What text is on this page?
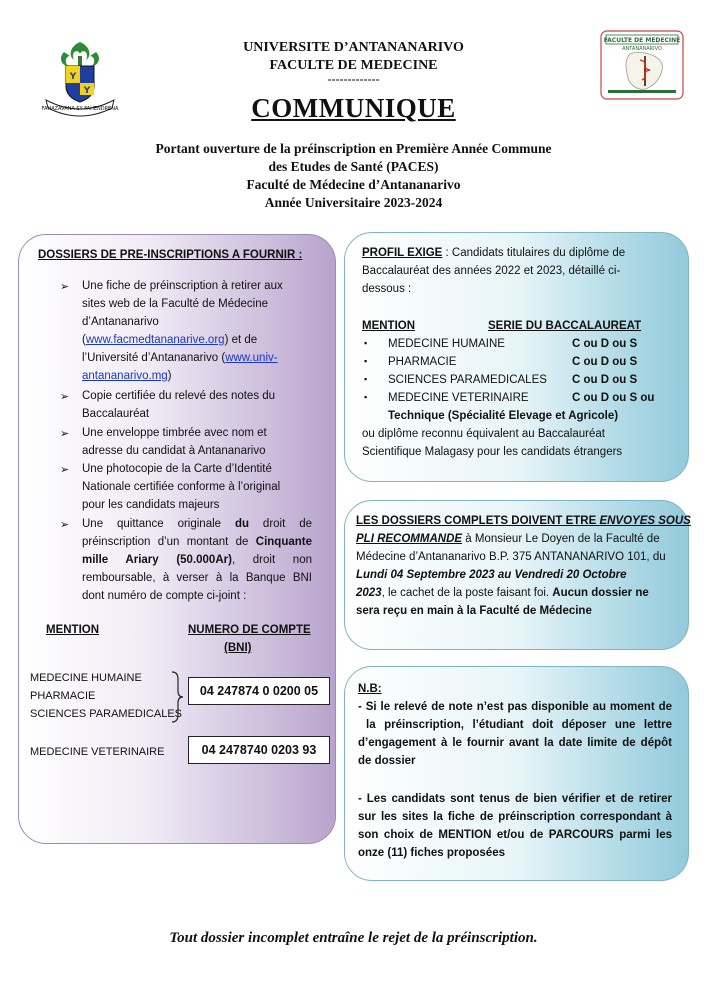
UNIVERSITE D’ANTANANARIVO
FACULTE DE MEDECINE
-------------
COMMUNIQUE
Portant ouverture de la préinscription en Première Année Commune
des Etudes de Santé (PACES)
Faculté de Médecine d’Antananarivo
Année Universitaire 2023-2024
Y
Y
FAHAZAVANA SY FAHENDRENA
FACULTE DE MEDECINE
ANTANANARIVO
DOSSIERS DE PRE-INSCRIPTIONS A FOURNIR :
➢ Une fiche de préinscription à retirer aux
sites web de la Faculté de Médecine
d’Antananarivo
(www.facmedtananarive.org) et de
l’Université d’Antananarivo (www.univ-
antananarivo.mg)
➢ Copie certifiée du relevé des notes du
Baccalauréat
➢ Une enveloppe timbrée avec nom et
adresse du candidat à Antananarivo
➢ Une photocopie de la Carte d’Identité
Nationale certifiée conforme à l’original
pour les candidats majeurs
➢ Une quittance originale du droit de
préinscription d’un montant de Cinquante
mille Ariary (50.000Ar), droit non
remboursable, à verser à la Banque BNI
dont numéro de compte ci-joint :
MENTION	NUMERO DE COMPTE
(BNI)
MEDECINE HUMAINE
PHARMACIE
SCIENCES PARAMEDICALES
04 247874 0 0200 05
MEDECINE VETERINAIRE	04 2478740 0203 93
PROFIL EXIGE : Candidats titulaires du diplôme de
Baccalauréat des années 2022 et 2023, détaillé ci-
dessous :
MENTION	SERIE DU BACCALAUREAT
▪ MEDECINE HUMAINE	C ou D ou S
▪ PHARMACIE	C ou D ou S
▪ SCIENCES PARAMEDICALES C ou D ou S
▪ MEDECINE VETERINAIRE	C ou D ou S ou
Technique (Spécialité Elevage et Agricole)
ou diplôme reconnu équivalent au Baccalauréat
Scientifique Malagasy pour les candidats étrangers
LES DOSSIERS COMPLETS DOIVENT ETRE ENVOYES SOUS
PLI RECOMMANDE à Monsieur Le Doyen de la Faculté de
Médecine d’Antananarivo B.P. 375 ANTANANARIVO 101, du
Lundi 04 Septembre 2023 au Vendredi 20 Octobre
2023, le cachet de la poste faisant foi. Aucun dossier ne
sera reçu en main à la Faculté de Médecine
N.B:
- Si le relevé de note n’est pas disponible au moment de
la préinscription, l’étudiant doit déposer une lettre
d’engagement à le fournir avant la date limite de dépôt
de dossier
- Les candidats sont tenus de bien vérifier et de retirer
sur les sites la fiche de préinscription correspondant à
son choix de MENTION et/ou de PARCOURS parmi les
onze (11) fiches proposées
Tout dossier incomplet entraîne le rejet de la préinscription.
